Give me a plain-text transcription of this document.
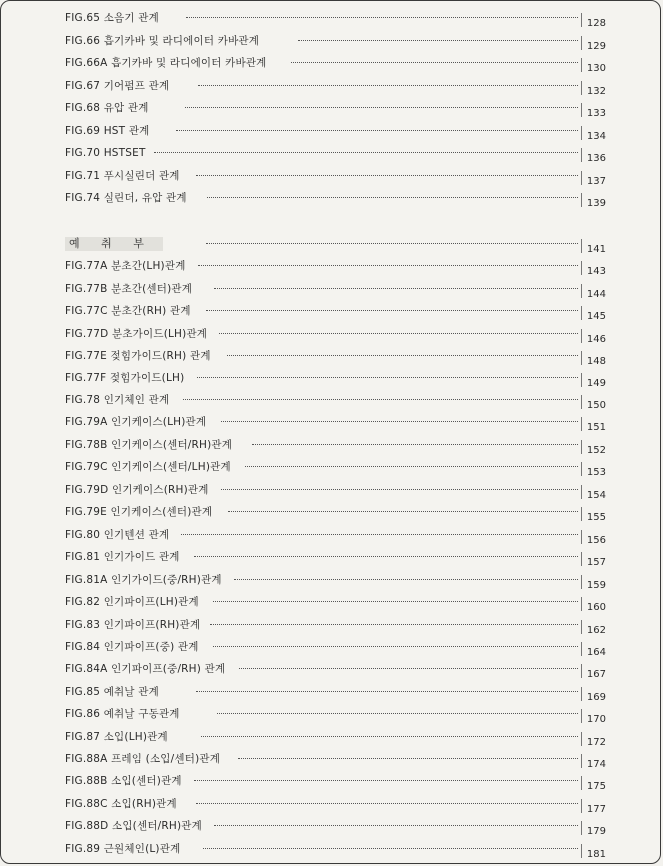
FIG.65 소음기 관계	128
FIG.66 흡기카바 및 라디에이터 카바관계	129
FIG.66A 흡기카바 및 라디에이터 카바관계	130
FIG.67 기어펌프 관계	132
FIG.68 유압 관계	133
FIG.69 HST 관계	134
FIG.70 HSTSET	136
FIG.71 푸시실린더 관계	137
FIG.74 실린더, 유압 관계	139
예 취 부	141
FIG.77A 분초간(LH)관계	143
FIG.77B 분초간(센터)관계	144
FIG.77C 분초간(RH) 관계	145
FIG.77D 분초가이드(LH)관계	146
FIG.77E 젖힘가이드(RH) 관계	148
FIG.77F 젖힘가이드(LH)	149
FIG.78 인기체인 관계	150
FIG.79A 인기케이스(LH)관계	151
FIG.78B 인기케이스(센터/RH)관계	152
FIG.79C 인기케이스(센터/LH)관계	153
FIG.79D 인기케이스(RH)관계	154
FIG.79E 인기케이스(센터)관계	155
FIG.80 인기텐션 관계	156
FIG.81 인기가이드 관계	157
FIG.81A 인기가이드(중/RH)관계	159
FIG.82 인기파이프(LH)관계	160
FIG.83 인기파이프(RH)관계	162
FIG.84 인기파이프(중) 관계	164
FIG.84A 인기파이프(중/RH) 관계	167
FIG.85 예취날 관계	169
FIG.86 예취날 구동관계	170
FIG.87 소입(LH)관계	172
FIG.88A 프레임 (소입/센터)관계	174
FIG.88B 소입(센터)관계	175
FIG.88C 소입(RH)관계	177
FIG.88D 소입(센터/RH)관계	179
FIG.89 근원체인(L)관계	181
